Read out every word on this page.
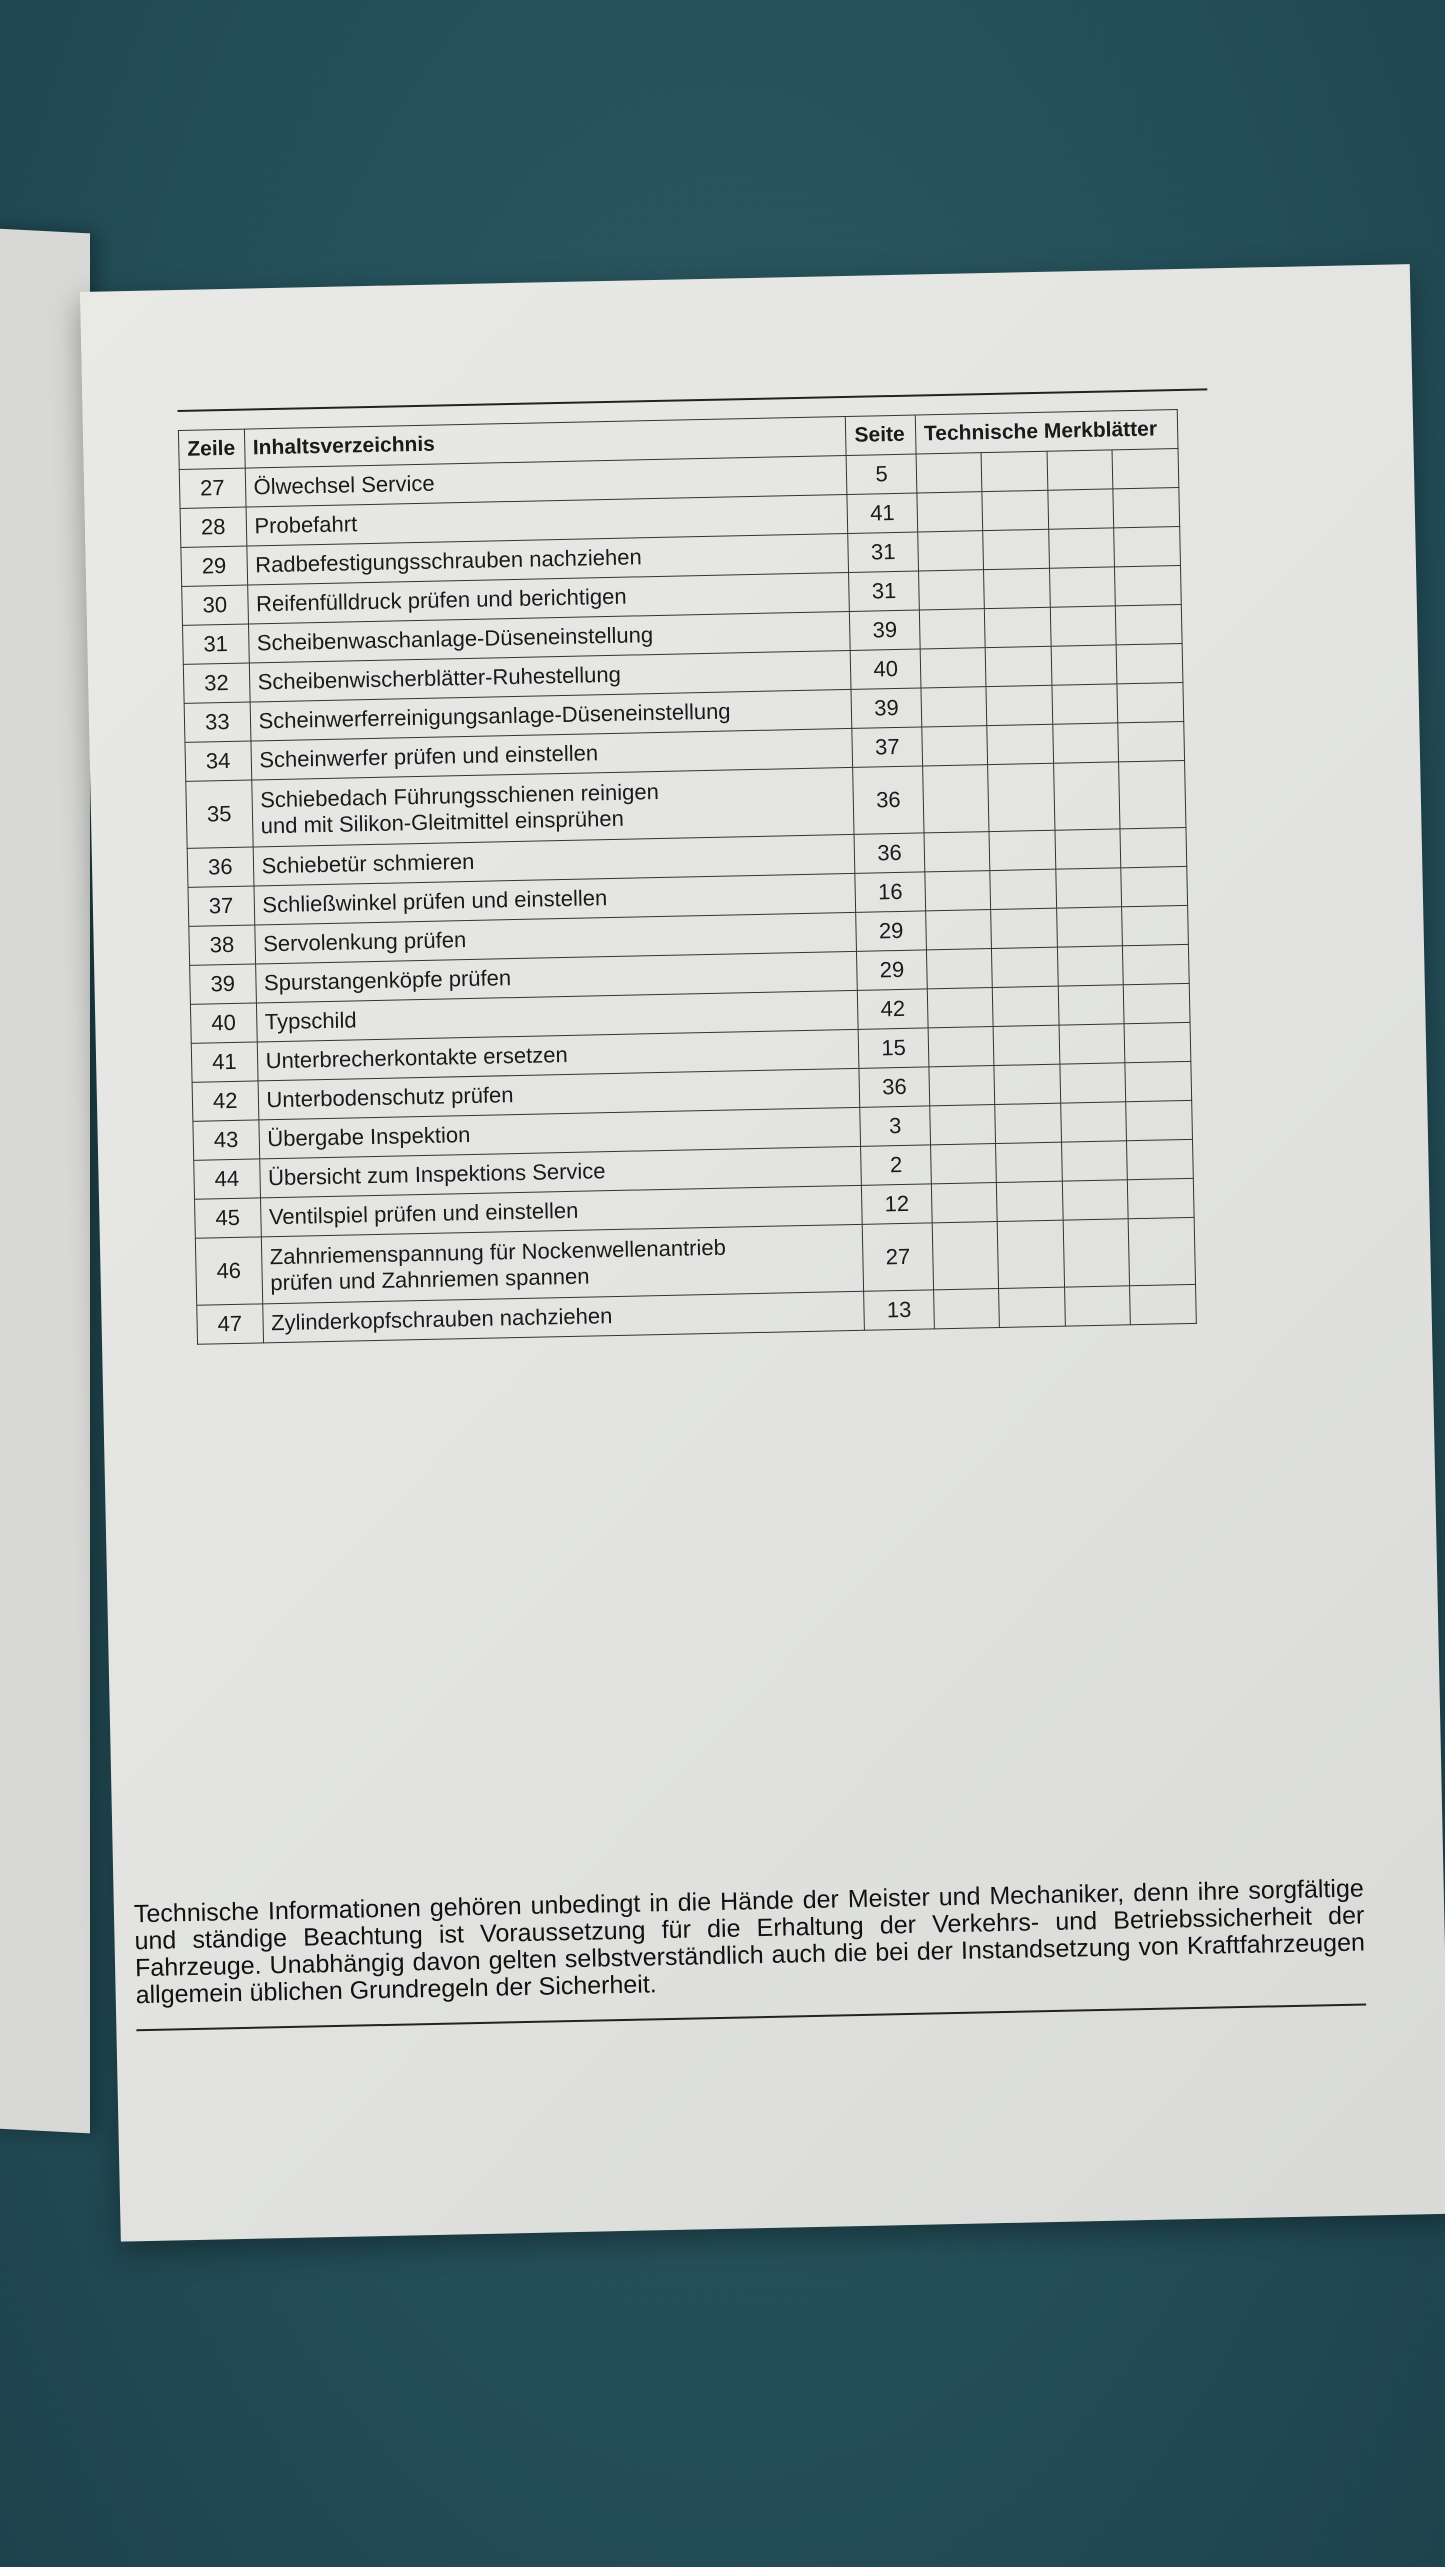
Zeile	Inhaltsverzeichnis	Seite	Technische Merkblätter			
27	Ölwechsel Service	5				
28	Probefahrt	41				
29	Radbefestigungsschrauben nachziehen	31				
30	Reifenfülldruck prüfen und berichtigen	31				
31	Scheibenwaschanlage-Düseneinstellung	39				
32	Scheibenwischerblätter-Ruhestellung	40				
33	Scheinwerferreinigungsanlage-Düseneinstellung	39				
34	Scheinwerfer prüfen und einstellen	37				
35	Schiebedach Führungsschienen reinigen
und mit Silikon-Gleitmittel einsprühen	36				
36	Schiebetür schmieren	36				
37	Schließwinkel prüfen und einstellen	16				
38	Servolenkung prüfen	29				
39	Spurstangenköpfe prüfen	29				
40	Typschild	42				
41	Unterbrecherkontakte ersetzen	15				
42	Unterbodenschutz prüfen	36				
43	Übergabe Inspektion	3				
44	Übersicht zum Inspektions Service	2				
45	Ventilspiel prüfen und einstellen	12				
46	Zahnriemenspannung für Nockenwellenantrieb
prüfen und Zahnriemen spannen	27				
47	Zylinderkopfschrauben nachziehen	13				
Technische Informationen gehören unbedingt in die Hände der Meister und Mechaniker, denn ihre sorgfältige und ständige Beachtung ist Voraussetzung für die Erhaltung der Verkehrs- und Betriebssicherheit der Fahrzeuge. Unabhängig davon gelten selbstverständlich auch die bei der Instandsetzung von Kraftfahrzeugen allgemein üblichen Grundregeln der Sicherheit.
